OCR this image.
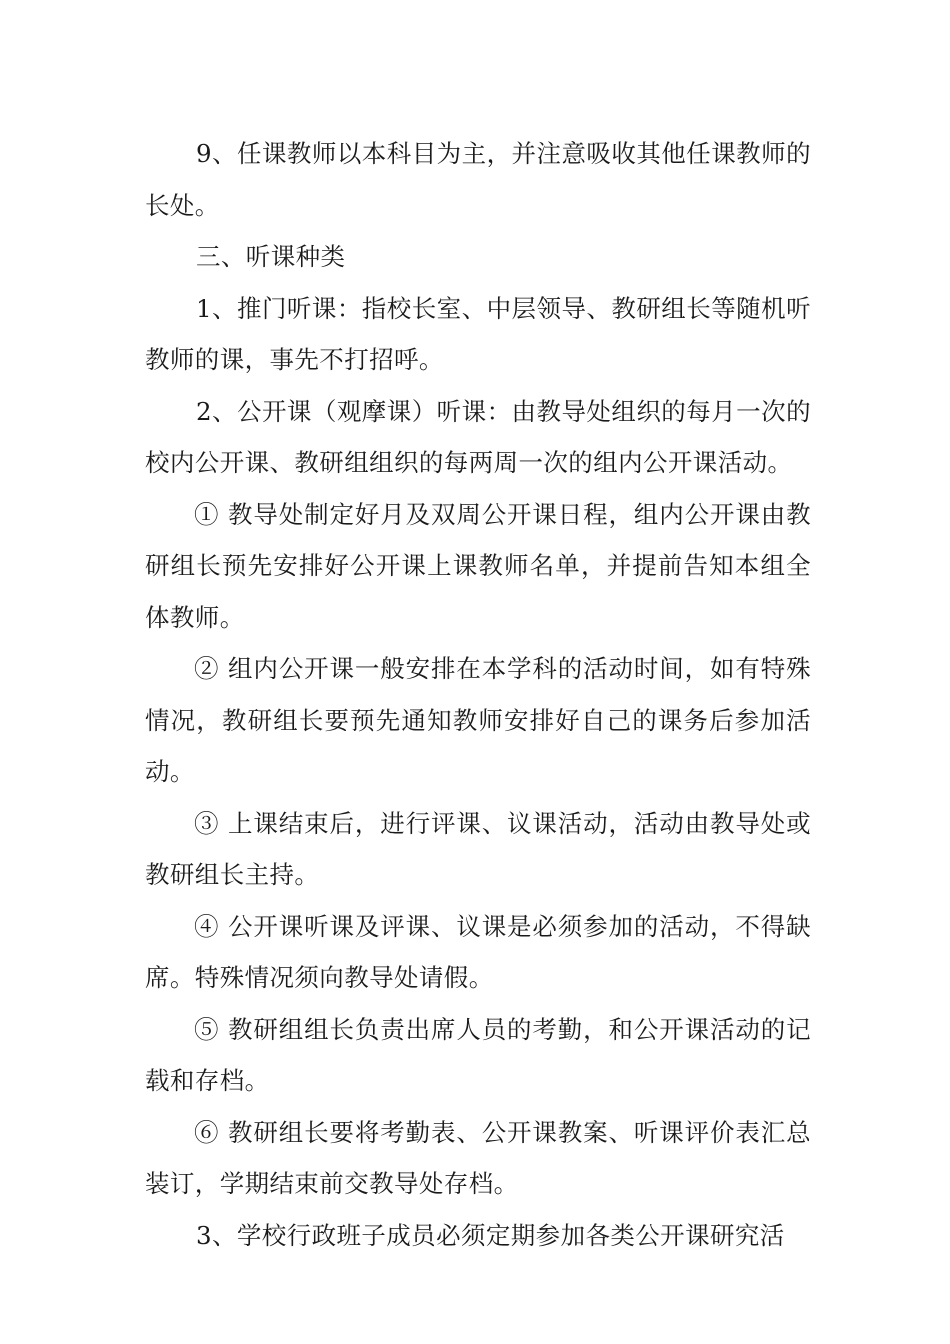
9、任课教师以本科目为主，并注意吸收其他任课教师的长处。

三、听课种类

1、推门听课：指校长室、中层领导、教研组长等随机听教师的课，事先不打招呼。

2、公开课（观摩课）听课：由教导处组织的每月一次的校内公开课、教研组组织的每两周一次的组内公开课活动。

① 教导处制定好月及双周公开课日程，组内公开课由教研组长预先安排好公开课上课教师名单，并提前告知本组全体教师。

② 组内公开课一般安排在本学科的活动时间，如有特殊情况，教研组长要预先通知教师安排好自己的课务后参加活动。

③ 上课结束后，进行评课、议课活动，活动由教导处或教研组长主持。

④ 公开课听课及评课、议课是必须参加的活动，不得缺席。特殊情况须向教导处请假。

⑤ 教研组组长负责出席人员的考勤，和公开课活动的记载和存档。

⑥ 教研组长要将考勤表、公开课教案、听课评价表汇总装订，学期结束前交教导处存档。

3、学校行政班子成员必须定期参加各类公开课研究活
